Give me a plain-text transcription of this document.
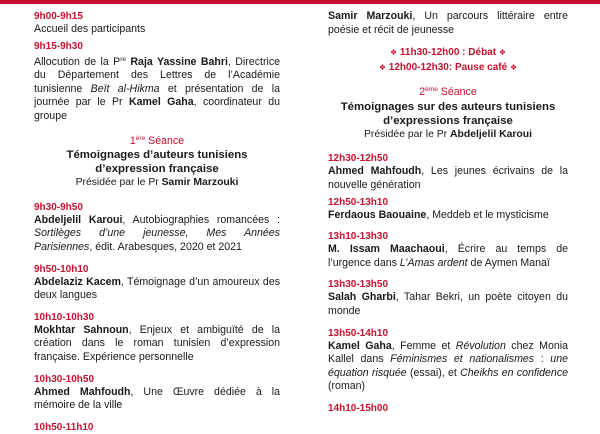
9h00-9h15
Accueil des participants
9h15-9h30
Allocution de la $P^{re}$ Raja Yassine Bahri, Directrice du Département des Lettres de l’Académie tunisienne Beït al-Hikma et présentation de la journée par le Pr Kamel Gaha, coordinateur du groupe
1ère Séance
Témoignages d’auteurs tunisiens
d’expression française
Présidée par le Pr Samir Marzouki
9h30-9h50
Abdeljelil Karoui, Autobiographies romancées : Sortilèges d’une jeunesse, Mes Années Parisiennes, édit. Arabesques, 2020 et 2021
9h50-10h10
Abdelaziz Kacem, Témoignage d’un amoureux des deux langues
10h10-10h30
Mokhtar Sahnoun, Enjeux et ambiguïté de la création dans le roman tunisien d’expression française. Expérience personnelle
10h30-10h50
Ahmed Mahfoudh, Une Œuvre dédiée à la mémoire de la ville
10h50-11h10
Samir Marzouki, Un parcours littéraire entre poésie et récit de jeunesse
❖ 11h30-12h00 : Débat ❖
❖ 12h00-12h30: Pause café ❖
2ème Séance
Témoignages sur des auteurs tunisiens
d’expressions française
Présidée par le Pr Abdeljelil Karoui
12h30-12h50
Ahmed Mahfoudh, Les jeunes écrivains de la nouvelle génération
12h50-13h10
Ferdaous Baouaine, Meddeb et le mysticisme
13h10-13h30
M. Issam Maachaoui, Écrire au temps de l’urgence dans L’Amas ardent de Aymen Manaï
13h30-13h50
Salah Gharbi, Tahar Bekri, un poète citoyen du monde
13h50-14h10
Kamel Gaha, Femme et Révolution chez Monia Kallel dans Féminismes et nationalismes : une équation risquée (essai), et Cheikhs en confidence (roman)
14h10-15h00
